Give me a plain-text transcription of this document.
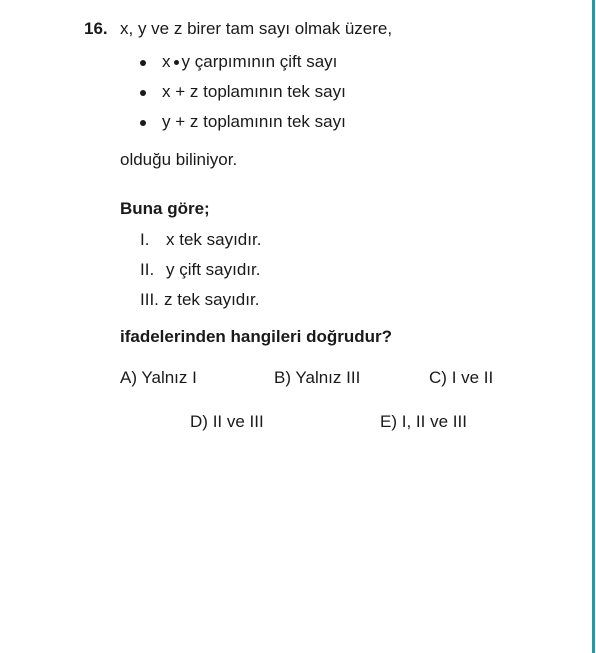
16. x, y ve z birer tam sayı olmak üzere,
x y çarpımının çift sayı
x + z toplamının tek sayı
y + z toplamının tek sayı
olduğu biliniyor.
Buna göre;
I. x tek sayıdır.
II. y çift sayıdır.
III. z tek sayıdır.
ifadelerinden hangileri doğrudur?
A) Yalnız I	B) Yalnız III	C) I ve II
D) II ve III	E) I, II ve III
